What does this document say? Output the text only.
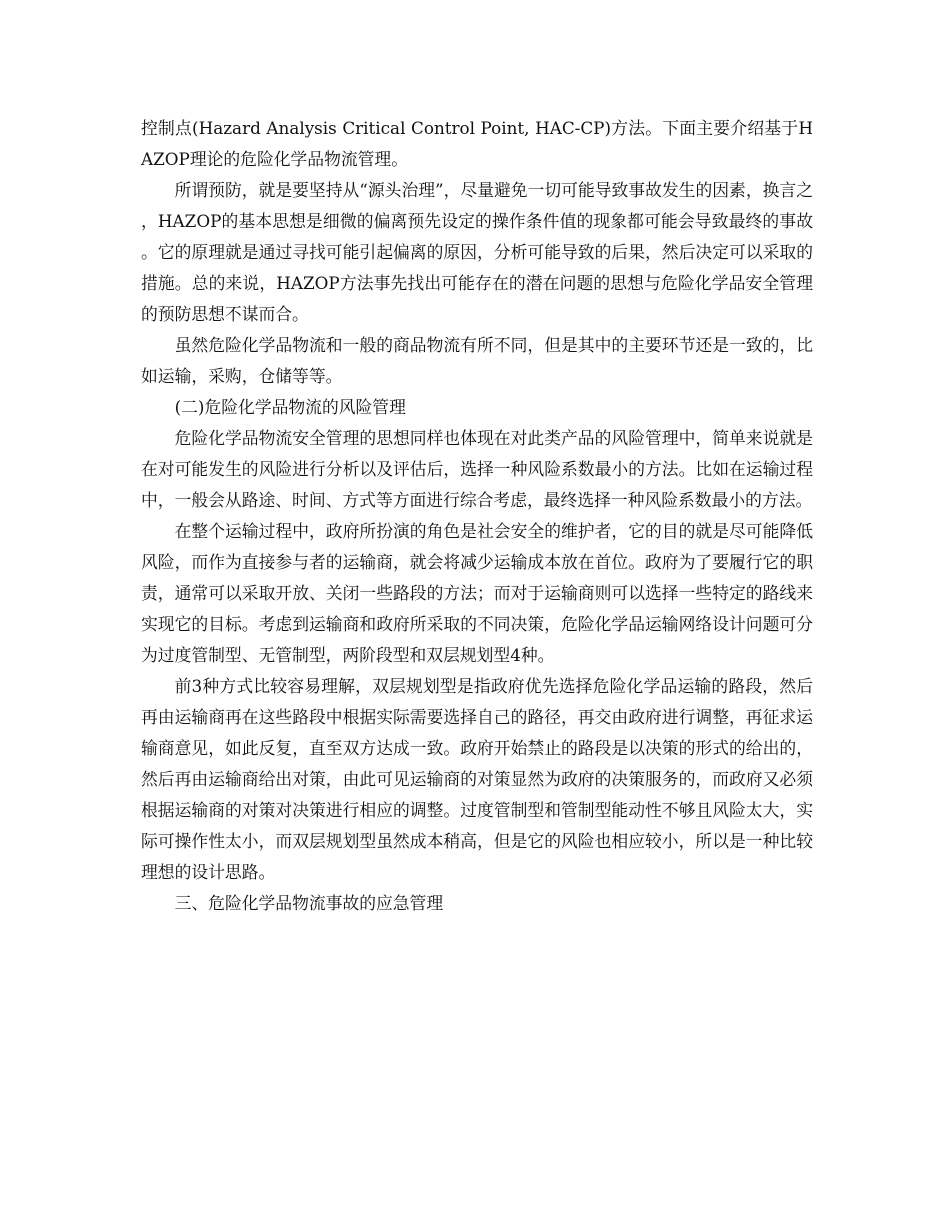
控制点(Hazard Analysis Critical Control Point, HAC-CP)方法。下面主要介绍基于HAZOP理论的危险化学品物流管理。

所谓预防，就是要坚持从“源头治理”，尽量避免一切可能导致事故发生的因素，换言之，HAZOP的基本思想是细微的偏离预先设定的操作条件值的现象都可能会导致最终的事故。它的原理就是通过寻找可能引起偏离的原因，分析可能导致的后果，然后决定可以采取的措施。总的来说，HAZOP方法事先找出可能存在的潜在问题的思想与危险化学品安全管理的预防思想不谋而合。

虽然危险化学品物流和一般的商品物流有所不同，但是其中的主要环节还是一致的，比如运输，采购，仓储等等。

(二)危险化学品物流的风险管理

危险化学品物流安全管理的思想同样也体现在对此类产品的风险管理中，简单来说就是在对可能发生的风险进行分析以及评估后，选择一种风险系数最小的方法。比如在运输过程中，一般会从路途、时间、方式等方面进行综合考虑，最终选择一种风险系数最小的方法。

在整个运输过程中，政府所扮演的角色是社会安全的维护者，它的目的就是尽可能降低风险，而作为直接参与者的运输商，就会将减少运输成本放在首位。政府为了要履行它的职责，通常可以采取开放、关闭一些路段的方法；而对于运输商则可以选择一些特定的路线来实现它的目标。考虑到运输商和政府所采取的不同决策，危险化学品运输网络设计问题可分为过度管制型、无管制型，两阶段型和双层规划型4种。

前3种方式比较容易理解，双层规划型是指政府优先选择危险化学品运输的路段，然后再由运输商再在这些路段中根据实际需要选择自己的路径，再交由政府进行调整，再征求运输商意见，如此反复，直至双方达成一致。政府开始禁止的路段是以决策的形式的给出的，然后再由运输商给出对策，由此可见运输商的对策显然为政府的决策服务的，而政府又必须根据运输商的对策对决策进行相应的调整。过度管制型和管制型能动性不够且风险太大，实际可操作性太小，而双层规划型虽然成本稍高，但是它的风险也相应较小，所以是一种比较理想的设计思路。

三、危险化学品物流事故的应急管理
